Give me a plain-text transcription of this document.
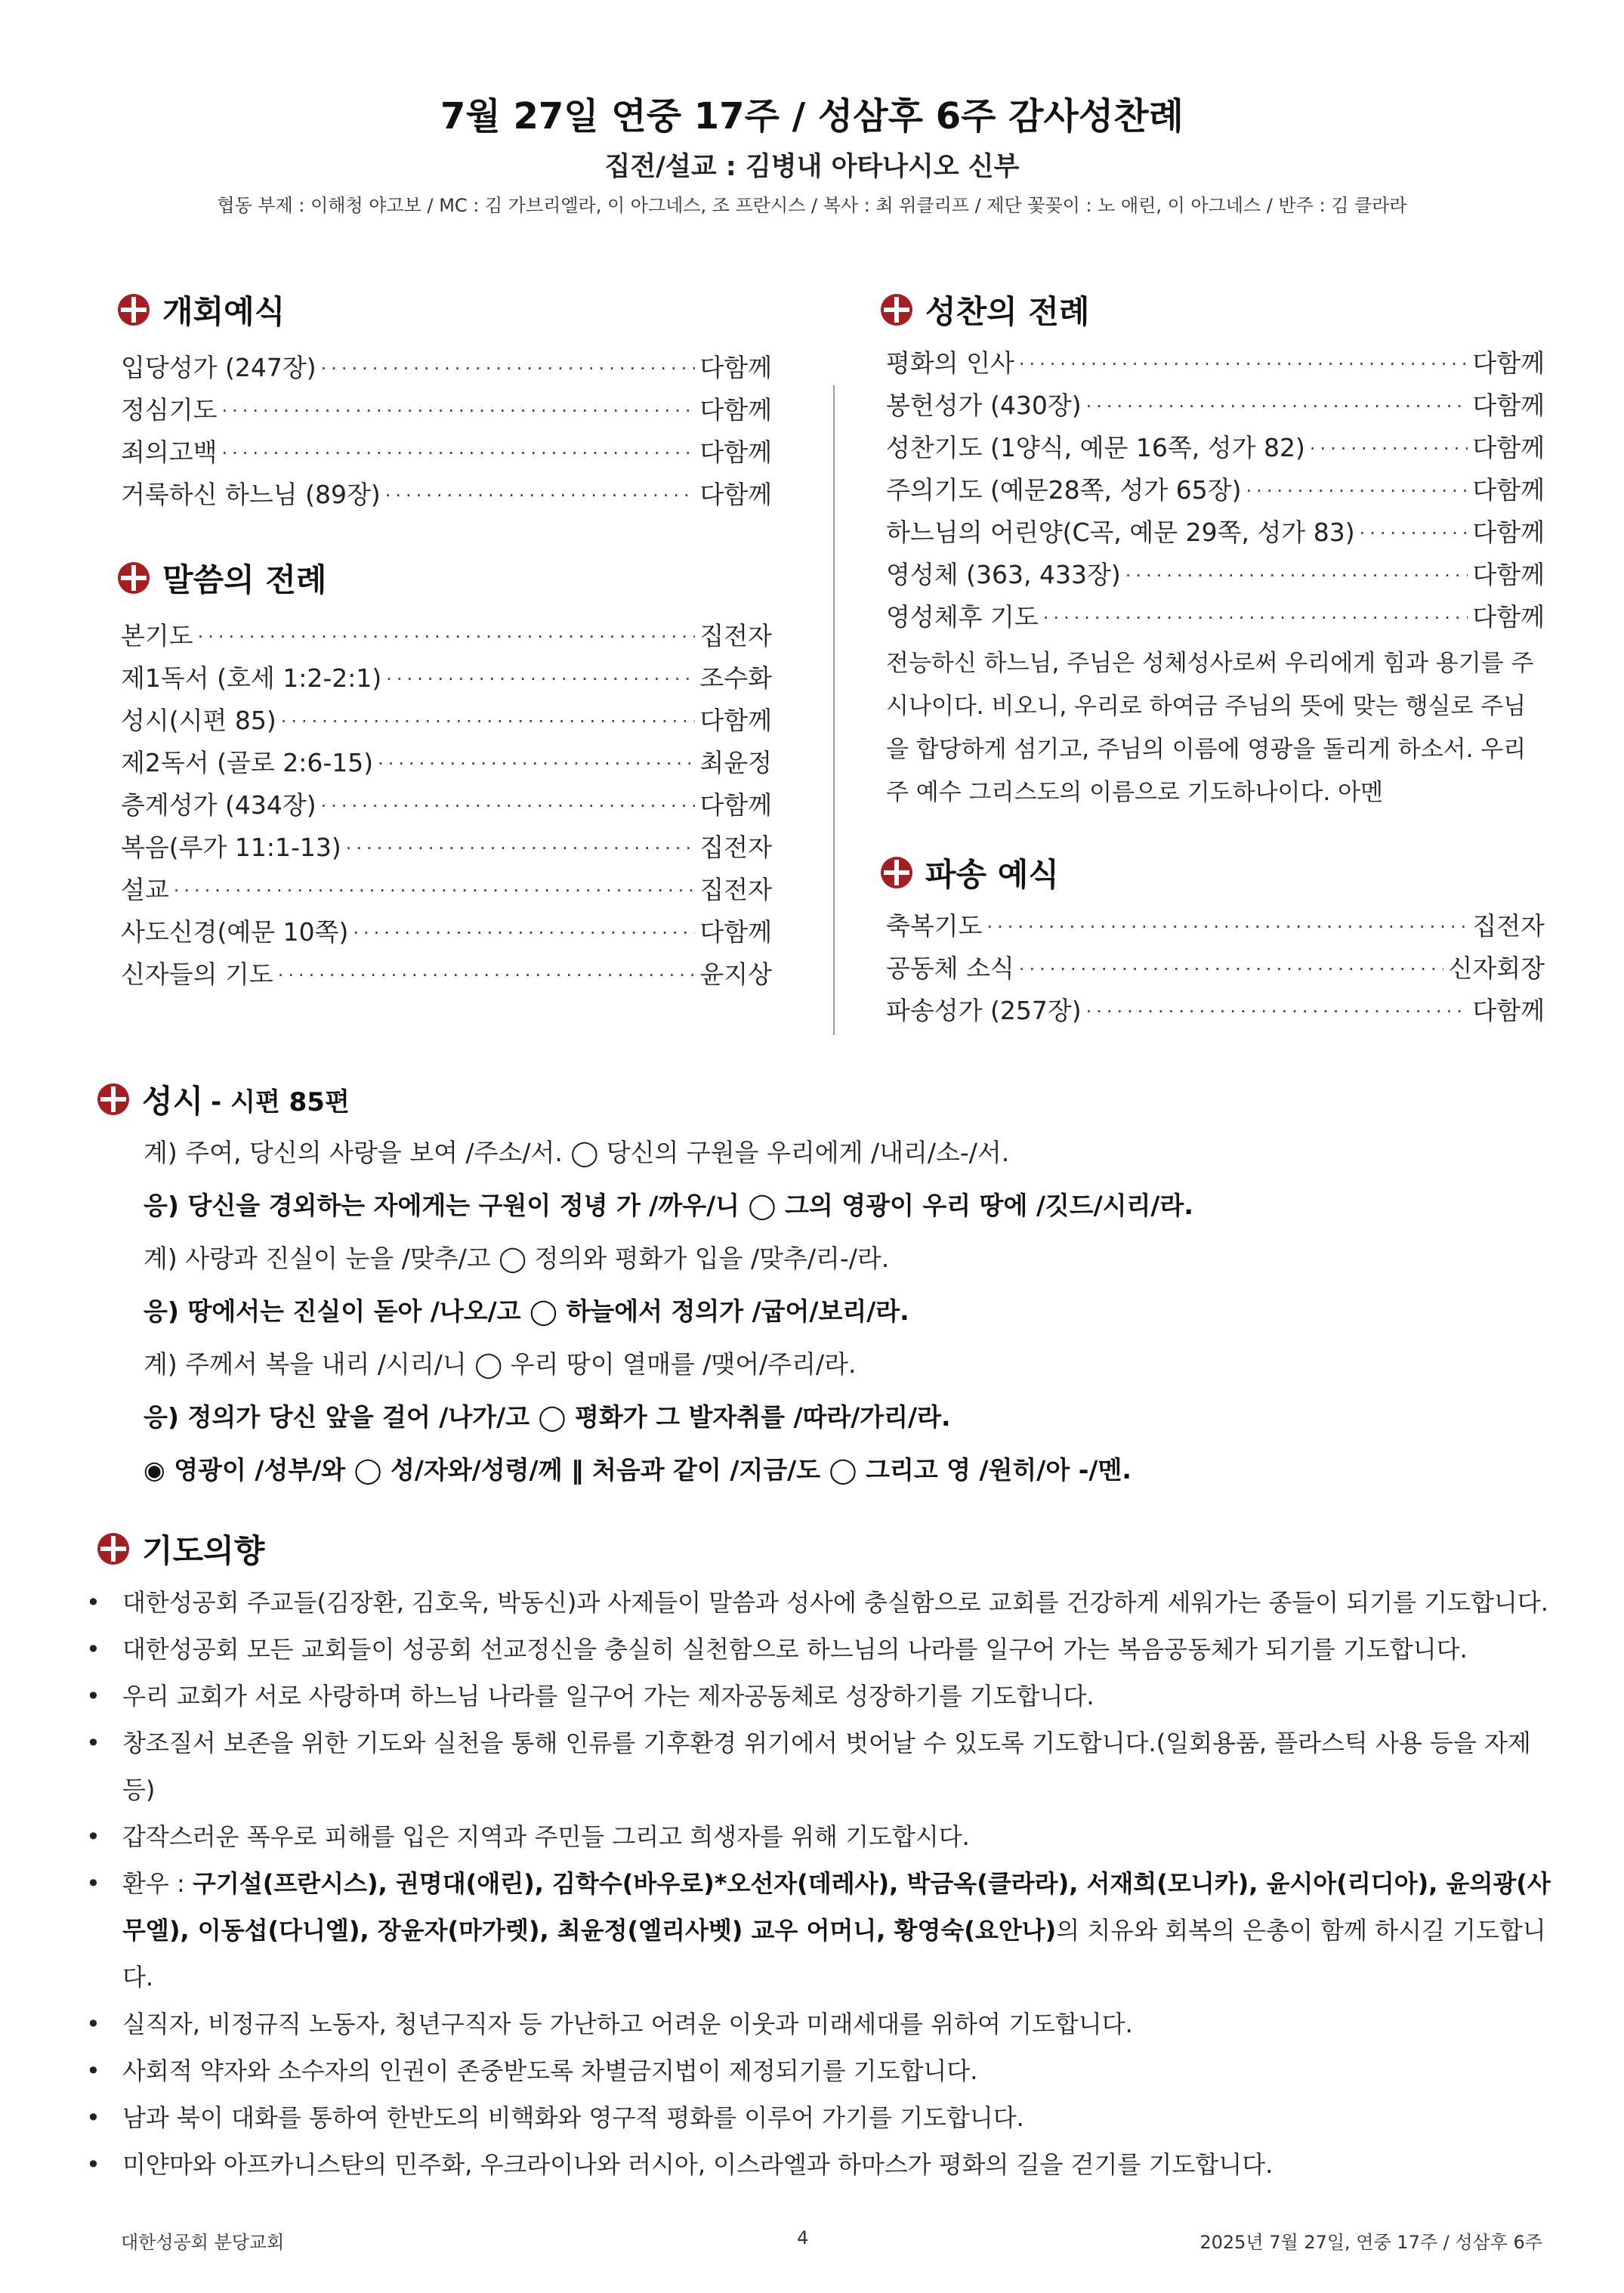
7월 27일 연중 17주 / 성삼후 6주 감사성찬례
집전/설교 : 김병내 아타나시오 신부
협동 부제 : 이해청 야고보 / MC : 김 가브리엘라, 이 아그네스, 조 프란시스 / 복사 : 최 위클리프 / 제단 꽃꽂이 : 노 애린, 이 아그네스 / 반주 : 김 클라라
개회예식
입당성가 (247장) ·····	다함께
정심기도 ·····	다함께
죄의고백 ·····	다함께
거룩하신 하느님 (89장) ·····	다함께
말씀의 전례
본기도 ·····	집전자
제1독서 (호세 1:2-2:1) ·····	조수화
성시(시편 85) ·····	다함께
제2독서 (골로 2:6-15) ·····	최윤정
층계성가 (434장) ·····	다함께
복음(루가 11:1-13) ·····	집전자
설교 ·····	집전자
사도신경(예문 10쪽) ·····	다함께
신자들의 기도 ·····	윤지상
성찬의 전례
평화의 인사 ·····	다함께
봉헌성가 (430장) ·····	다함께
성찬기도 (1양식, 예문 16쪽, 성가 82) ·····	다함께
주의기도 (예문28쪽, 성가 65장) ·····	다함께
하느님의 어린양(C곡, 예문 29쪽, 성가 83) ·····	다함께
영성체 (363, 433장) ·····	다함께
영성체후 기도 ·····	다함께
전능하신 하느님, 주님은 성체성사로써 우리에게 힘과 용기를 주시나이다. 비오니, 우리로 하여금 주님의 뜻에 맞는 행실로 주님을 합당하게 섬기고, 주님의 이름에 영광을 돌리게 하소서. 우리 주 예수 그리스도의 이름으로 기도하나이다. 아멘
파송 예식
축복기도 ·····	집전자
공동체 소식 ·····	신자회장
파송성가 (257장) ·····	다함께
성시 - 시편 85편
계) 주여, 당신의 사랑을 보여 /주소/서. ◯ 당신의 구원을 우리에게 /내리/소-/서.
응) 당신을 경외하는 자에게는 구원이 정녕 가 /까우/니 ◯ 그의 영광이 우리 땅에 /깃드/시리/라.
계) 사랑과 진실이 눈을 /맞추/고 ◯ 정의와 평화가 입을 /맞추/리-/라.
응) 땅에서는 진실이 돋아 /나오/고 ◯ 하늘에서 정의가 /굽어/보리/라.
계) 주께서 복을 내리 /시리/니 ◯ 우리 땅이 열매를 /맺어/주리/라.
응) 정의가 당신 앞을 걸어 /나가/고 ◯ 평화가 그 발자취를 /따라/가리/라.
◉ 영광이 /성부/와 ◯ 성/자와/성령/께 ‖ 처음과 같이 /지금/도 ◯ 그리고 영 /원히/아 -/멘.
기도의향
• 대한성공회 주교들(김장환, 김호욱, 박동신)과 사제들이 말씀과 성사에 충실함으로 교회를 건강하게 세워가는 종들이 되기를 기도합니다.
• 대한성공회 모든 교회들이 성공회 선교정신을 충실히 실천함으로 하느님의 나라를 일구어 가는 복음공동체가 되기를 기도합니다.
• 우리 교회가 서로 사랑하며 하느님 나라를 일구어 가는 제자공동체로 성장하기를 기도합니다.
• 창조질서 보존을 위한 기도와 실천을 통해 인류를 기후환경 위기에서 벗어날 수 있도록 기도합니다.(일회용품, 플라스틱 사용 등을 자제 등)
• 갑작스러운 폭우로 피해를 입은 지역과 주민들 그리고 희생자를 위해 기도합시다.
• 환우 : 구기설(프란시스), 권명대(애린), 김학수(바우로)*오선자(데레사), 박금옥(클라라), 서재희(모니카), 윤시아(리디아), 윤의광(사무엘), 이동섭(다니엘), 장윤자(마가렛), 최윤정(엘리사벳) 교우 어머니, 황영숙(요안나)의 치유와 회복의 은총이 함께 하시길 기도합니다.
• 실직자, 비정규직 노동자, 청년구직자 등 가난하고 어려운 이웃과 미래세대를 위하여 기도합니다.
• 사회적 약자와 소수자의 인권이 존중받도록 차별금지법이 제정되기를 기도합니다.
• 남과 북이 대화를 통하여 한반도의 비핵화와 영구적 평화를 이루어 가기를 기도합니다.
• 미얀마와 아프카니스탄의 민주화, 우크라이나와 러시아, 이스라엘과 하마스가 평화의 길을 걷기를 기도합니다.
대한성공회 분당교회	4	2025년 7월 27일, 연중 17주 / 성삼후 6주
